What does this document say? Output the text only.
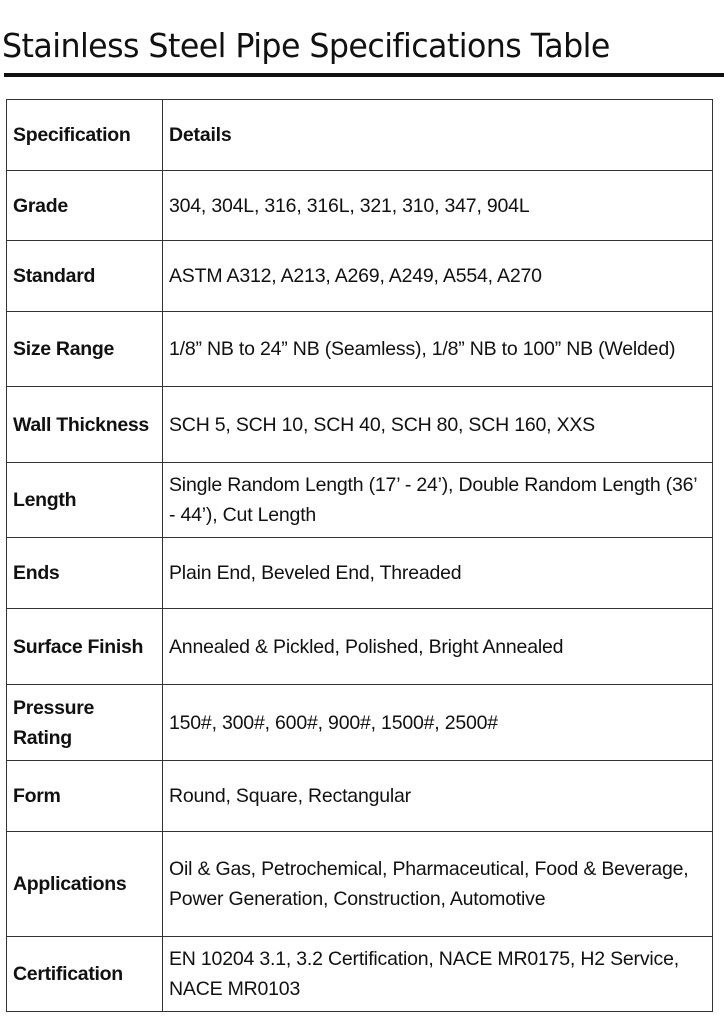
Stainless Steel Pipe Specifications Table
Specification	Details
Grade	304, 304L, 316, 316L, 321, 310, 347, 904L
Standard	ASTM A312, A213, A269, A249, A554, A270
Size Range	1/8” NB to 24” NB (Seamless), 1/8” NB to 100” NB (Welded)
Wall Thickness	SCH 5, SCH 10, SCH 40, SCH 80, SCH 160, XXS
Length	Single Random Length (17’ - 24’), Double Random Length (36’ - 44’), Cut Length
Ends	Plain End, Beveled End, Threaded
Surface Finish	Annealed & Pickled, Polished, Bright Annealed
Pressure Rating	150#, 300#, 600#, 900#, 1500#, 2500#
Form	Round, Square, Rectangular
Applications	Oil & Gas, Petrochemical, Pharmaceutical, Food & Beverage, Power Generation, Construction, Automotive
Certification	EN 10204 3.1, 3.2 Certification, NACE MR0175, H2 Service, NACE MR0103
